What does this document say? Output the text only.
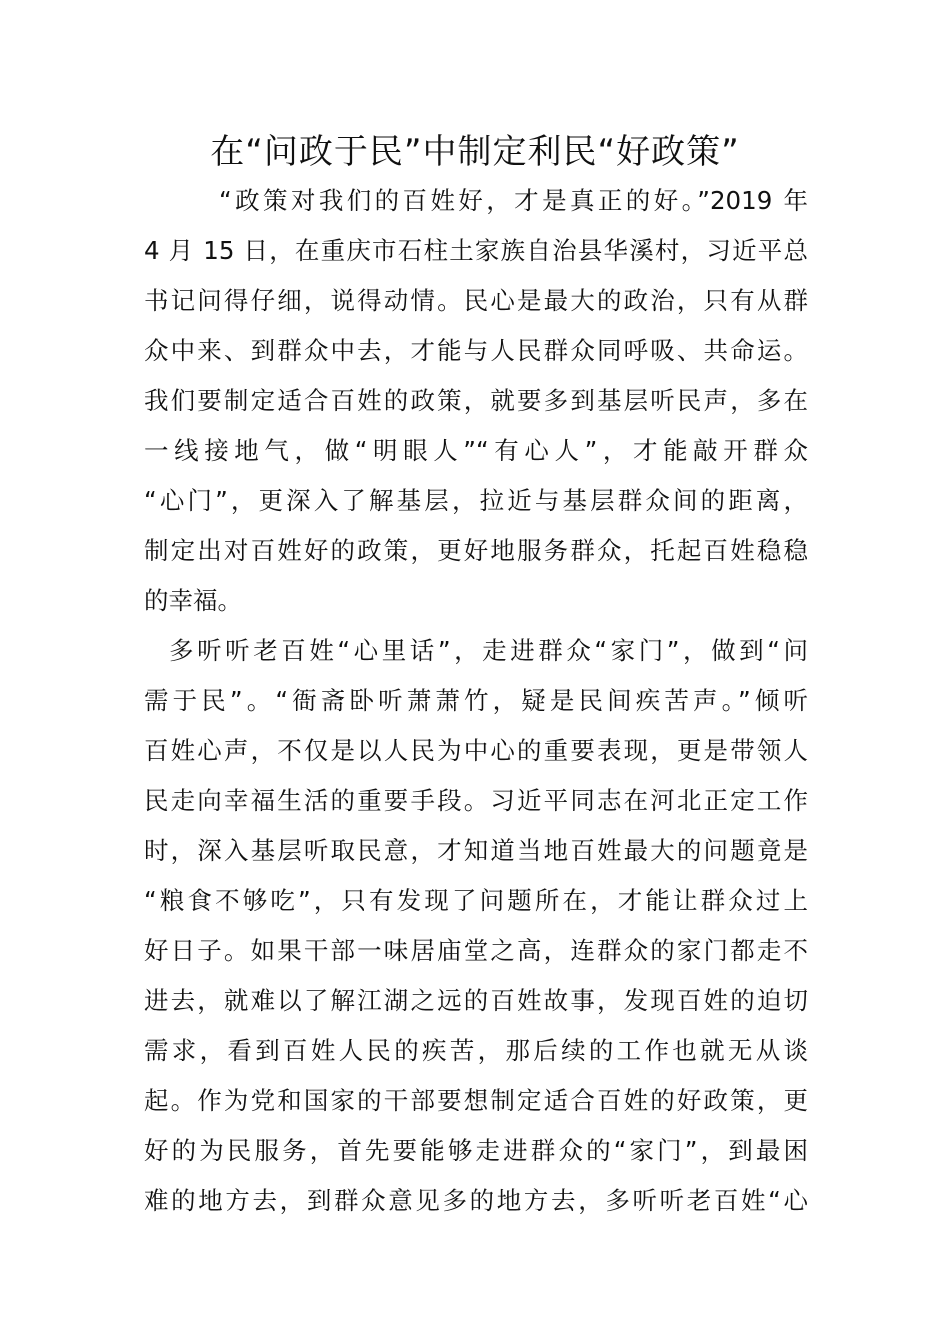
在“问政于民”中制定利民“好政策”
“政策对我们的百姓好，才是真正的好。”2019 年
4 月 15 日，在重庆市石柱土家族自治县华溪村，习近平总
书记问得仔细，说得动情。民心是最大的政治，只有从群
众中来、到群众中去，才能与人民群众同呼吸、共命运。
我们要制定适合百姓的政策，就要多到基层听民声，多在
一线接地气，做“明眼人”“有心人”，才能敲开群众
“心门”，更深入了解基层，拉近与基层群众间的距离，
制定出对百姓好的政策，更好地服务群众，托起百姓稳稳
的幸福。
多听听老百姓“心里话”，走进群众“家门”，做到“问
需于民”。“衙斋卧听萧萧竹，疑是民间疾苦声。”倾听
百姓心声，不仅是以人民为中心的重要表现，更是带领人
民走向幸福生活的重要手段。习近平同志在河北正定工作
时，深入基层听取民意，才知道当地百姓最大的问题竟是
“粮食不够吃”，只有发现了问题所在，才能让群众过上
好日子。如果干部一味居庙堂之高，连群众的家门都走不
进去，就难以了解江湖之远的百姓故事，发现百姓的迫切
需求，看到百姓人民的疾苦，那后续的工作也就无从谈
起。作为党和国家的干部要想制定适合百姓的好政策，更
好的为民服务，首先要能够走进群众的“家门”，到最困
难的地方去，到群众意见多的地方去，多听听老百姓“心
